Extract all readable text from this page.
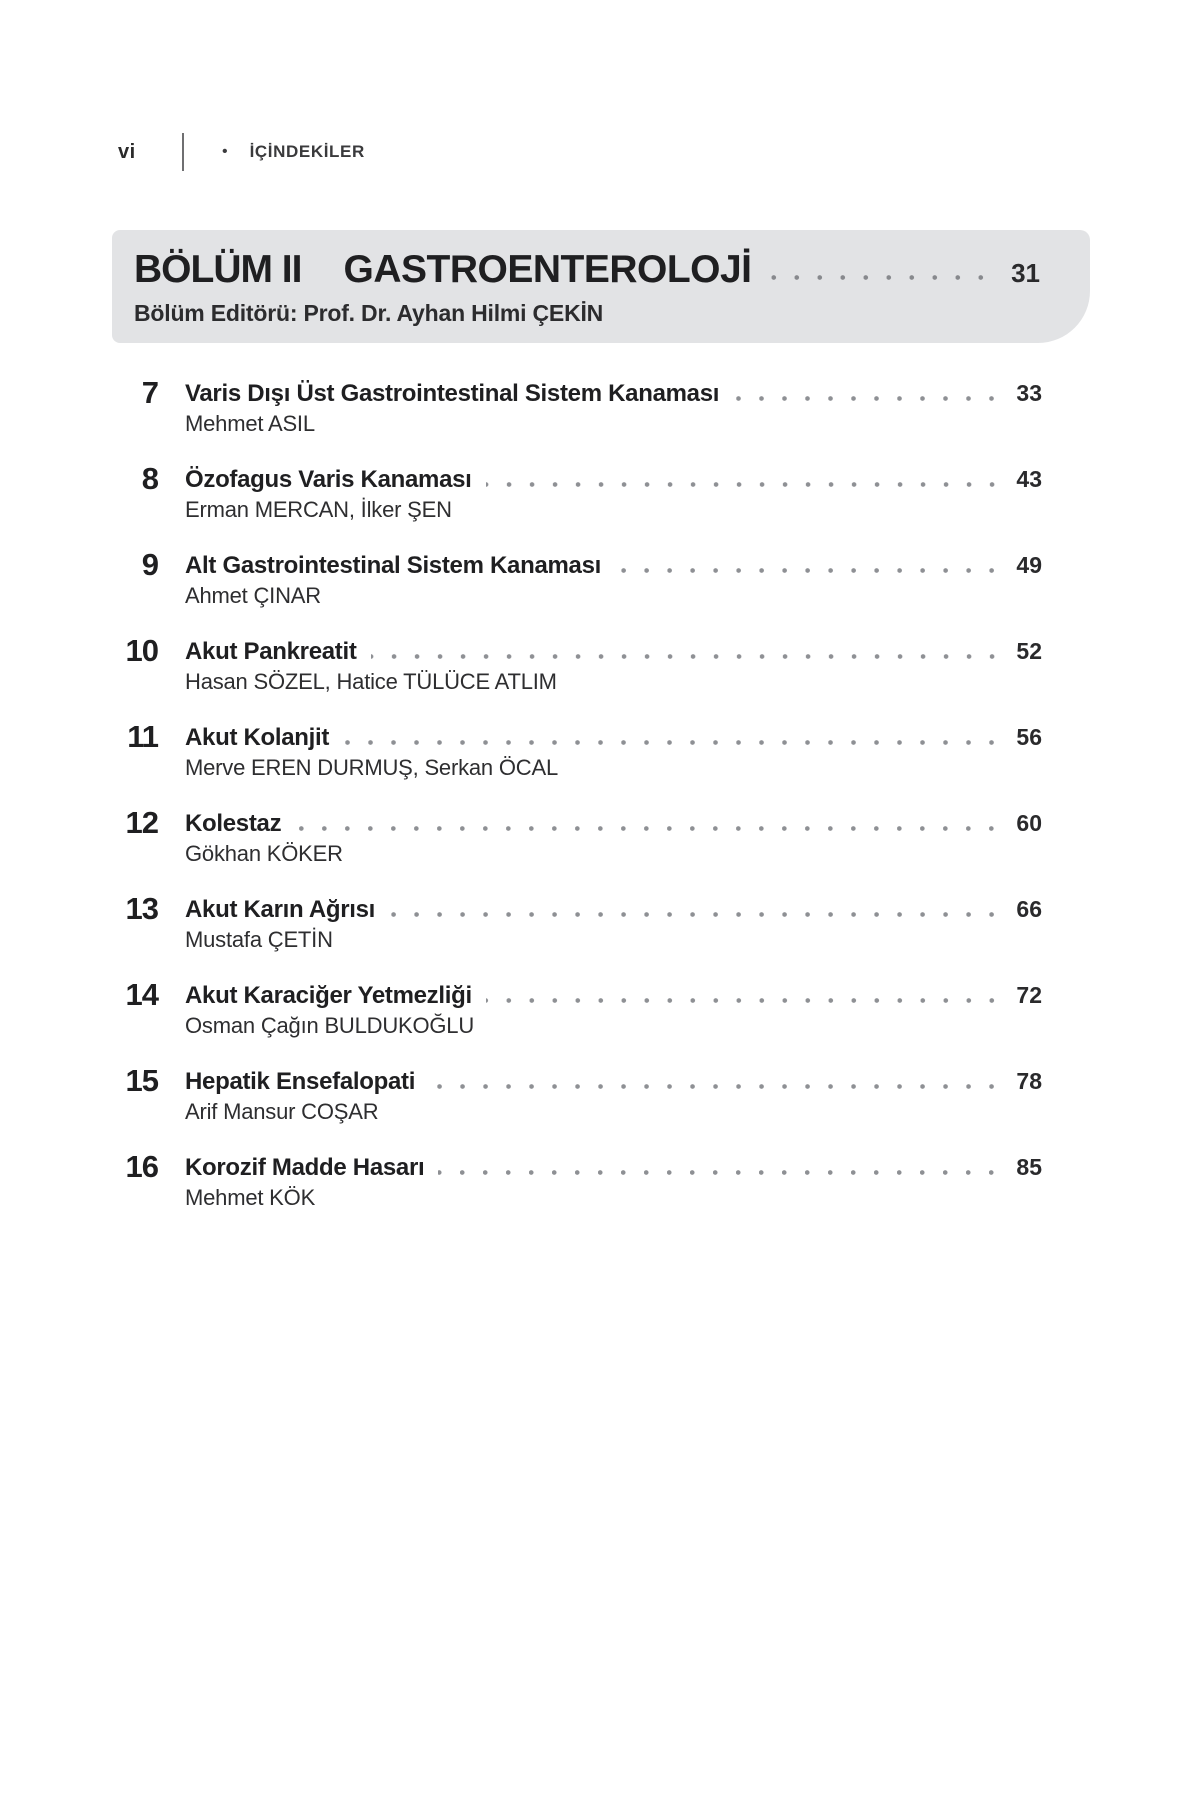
vi	• İÇİNDEKİLER
BÖLÜM II GASTROENTEROLOJİ	31
Bölüm Editörü: Prof. Dr. Ayhan Hilmi ÇEKİN
7 Varis Dışı Üst Gastrointestinal Sistem Kanaması	33
Mehmet ASIL
8 Özofagus Varis Kanaması	43
Erman MERCAN, İlker ŞEN
9 Alt Gastrointestinal Sistem Kanaması	49
Ahmet ÇINAR
10 Akut Pankreatit	52
Hasan SÖZEL, Hatice TÜLÜCE ATLIM
11 Akut Kolanjit	56
Merve EREN DURMUŞ, Serkan ÖCAL
12 Kolestaz	60
Gökhan KÖKER
13 Akut Karın Ağrısı	66
Mustafa ÇETİN
14 Akut Karaciğer Yetmezliği	72
Osman Çağın BULDUKOĞLU
15 Hepatik Ensefalopati	78
Arif Mansur COŞAR
16 Korozif Madde Hasarı	85
Mehmet KÖK
